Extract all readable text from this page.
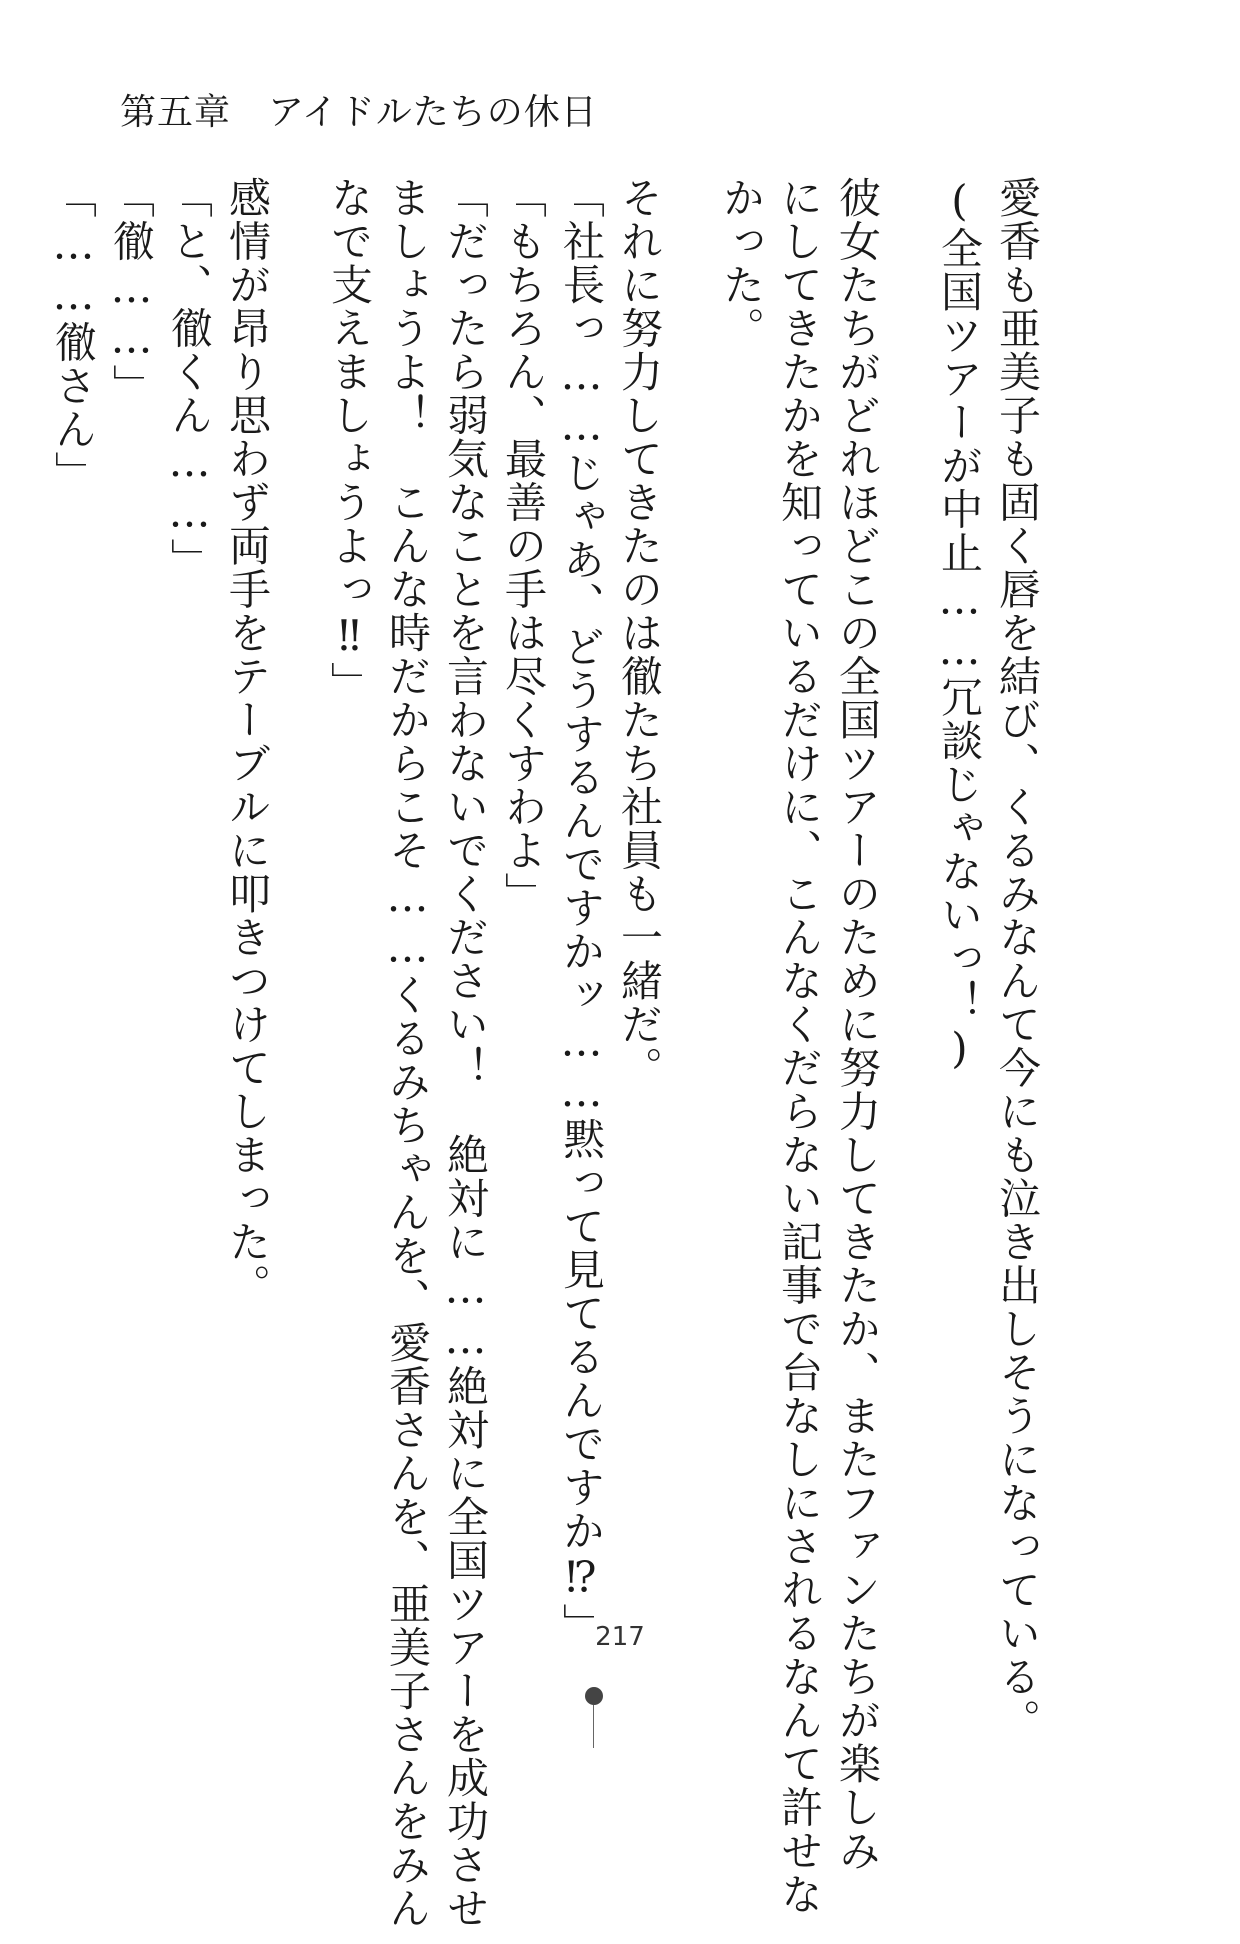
第五章　アイドルたちの休日

愛香も亜美子も固く唇を結び、くるみなんて今にも泣き出しそうになっている。

(全国ツアーが中止……冗談じゃないっ！)

彼女たちがどれほどこの全国ツアーのために努力してきたか、またファンたちが楽しみ

にしてきたかを知っているだけに、こんなくだらない記事で台なしにされるなんて許せな

かった。

それに努力してきたのは徹たち社員も一緒だ。

「社長っ……じゃあ、どうするんですかッ……黙って見てるんですか⁉」

「もちろん、最善の手は尽くすわよ」

「だったら弱気なことを言わないでください！　絶対に……絶対に全国ツアーを成功させ

ましょうよ！　こんな時だからこそ……くるみちゃんを、愛香さんを、亜美子さんをみん

なで支えましょうよっ‼」

感情が昂り思わず両手をテーブルに叩きつけてしまった。

「と、徹くん……」

「徹……」

「……徹さん」

217
